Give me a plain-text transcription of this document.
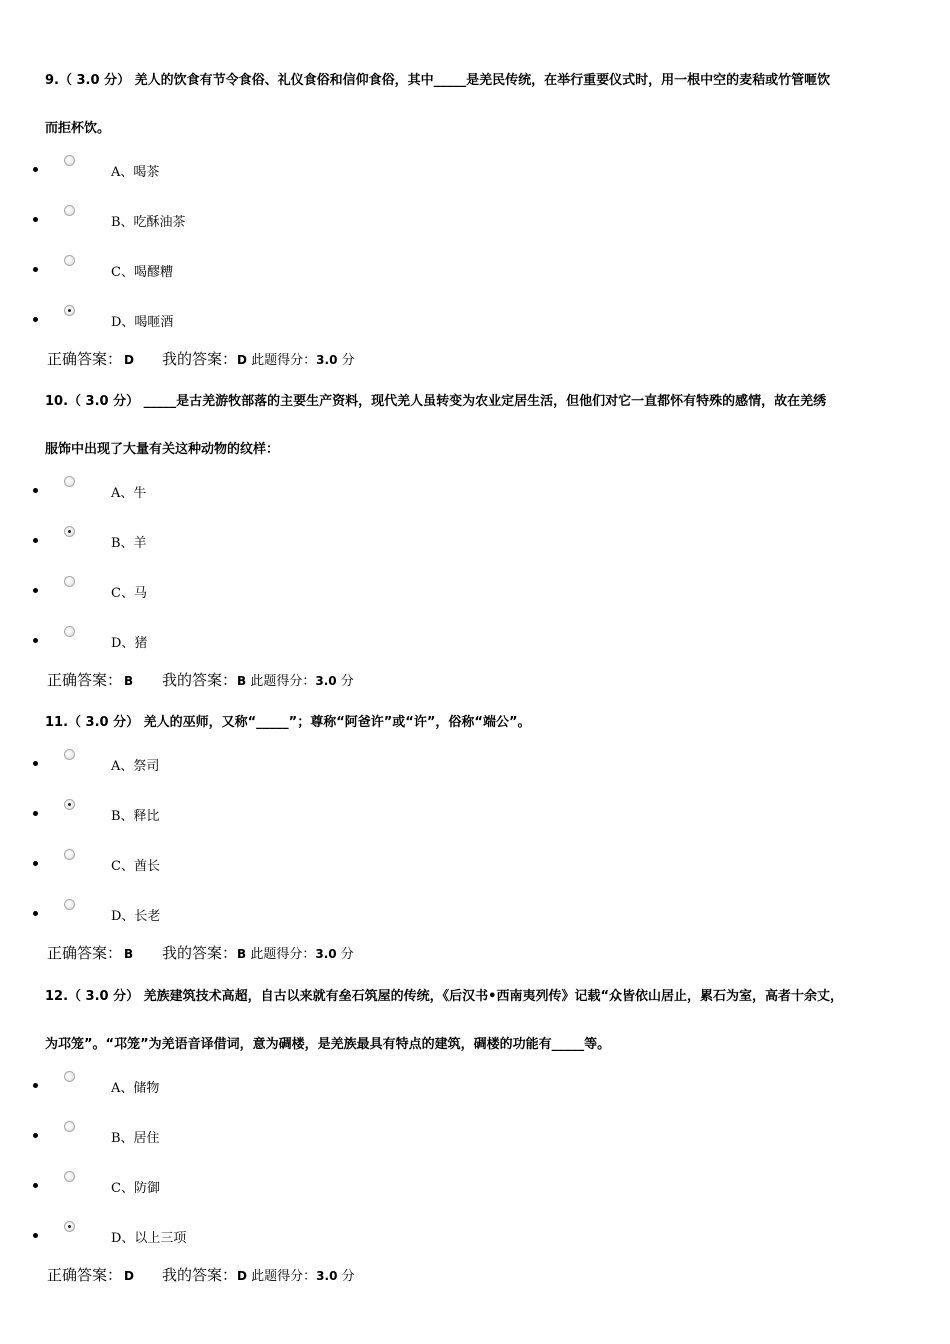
9.（ 3.0 分） 羌人的饮食有节令食俗、礼仪食俗和信仰食俗，其中_____是羌民传统，在举行重要仪式时，用一根中空的麦秸或竹管咂饮
而拒杯饮。
A、喝茶
B、吃酥油茶
C、喝醪糟
D、喝咂酒
正确答案： D 我的答案：D 此题得分：3.0 分
10.（ 3.0 分） _____是古羌游牧部落的主要生产资料，现代羌人虽转变为农业定居生活，但他们对它一直都怀有特殊的感情，故在羌绣
服饰中出现了大量有关这种动物的纹样：
A、牛
B、羊
C、马
D、猪
正确答案： B 我的答案：B 此题得分：3.0 分
11.（ 3.0 分） 羌人的巫师，又称“_____”；尊称“阿爸许”或“许”，俗称“端公”。
A、祭司
B、释比
C、酋长
D、长老
正确答案： B 我的答案：B 此题得分：3.0 分
12.（ 3.0 分） 羌族建筑技术高超，自古以来就有垒石筑屋的传统，《后汉书•西南夷列传》记载“众皆依山居止，累石为室，高者十余丈，
为邛笼”。“邛笼”为羌语音译借词，意为碉楼，是羌族最具有特点的建筑，碉楼的功能有_____等。
A、储物
B、居住
C、防御
D、以上三项
正确答案： D 我的答案：D 此题得分：3.0 分
